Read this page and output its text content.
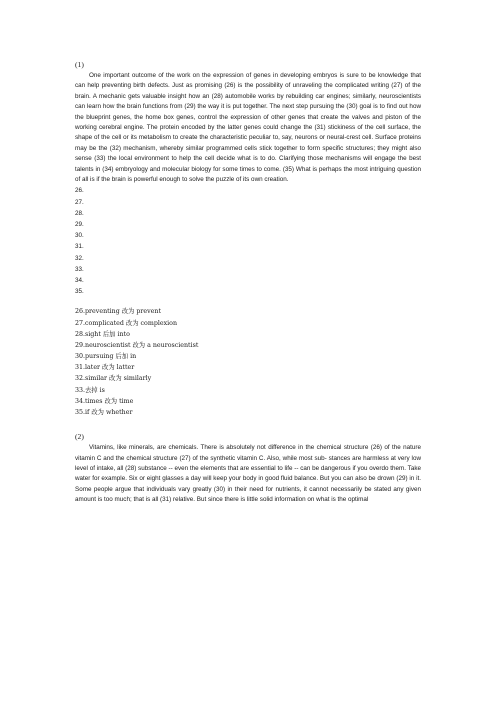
(1)

One important outcome of the work on the expression of genes in developing embryos is sure to be knowledge that can help preventing birth defects. Just as promising (26) is the possibility of unraveling the complicated writing (27) of the brain. A mechanic gets valuable insight how an (28) automobile works by rebuilding car engines; similarly, neuroscientists can learn how the brain functions from (29) the way it is put together. The next step pursuing the (30) goal is to find out how the blueprint genes, the home box genes, control the expression of other genes that create the valves and piston of the working cerebral engine. The protein encoded by the latter genes could change the (31) stickiness of the cell surface, the shape of the cell or its metabolism to create the characteristic peculiar to, say, neurons or neural-crest cell. Surface proteins may be the (32) mechanism, whereby similar programmed cells stick together to form specific structures; they might also sense (33) the local environment to help the cell decide what is to do. Clarifying those mechanisms will engage the best talents in (34) embryology and molecular biology for some times to come. (35) What is perhaps the most intriguing question of all is if the brain is powerful enough to solve the puzzle of its own creation.

26.
27.
28.
29.
30.
31.
32.
33.
34.
35.
26.preventing 改为 prevent
27.complicated 改为 complexion
28.sight 后加 into
29.neuroscientist 改为 a neuroscientist
30.pursuing 后加 in
31.later 改为 latter
32.similar 改为 similarly
33.去掉 is
34.times 改为 time
35.if 改为 whether
(2)

Vitamins, like minerals, are chemicals. There is absolutely not difference in the chemical structure (26) of the nature vitamin C and the chemical structure (27) of the synthetic vitamin C. Also, while most sub- stances are harmless at very low level of intake, all (28) substance -- even the elements that are essential to life -- can be dangerous if you overdo them. Take water for example. Six or eight glasses a day will keep your body in good fluid balance. But you can also be drown (29) in it. Some people argue that individuals vary greatly (30) in their need for nutrients, it cannot necessarily be stated any given amount is too much; that is all (31) relative. But since there is little solid information on what is the optimal
